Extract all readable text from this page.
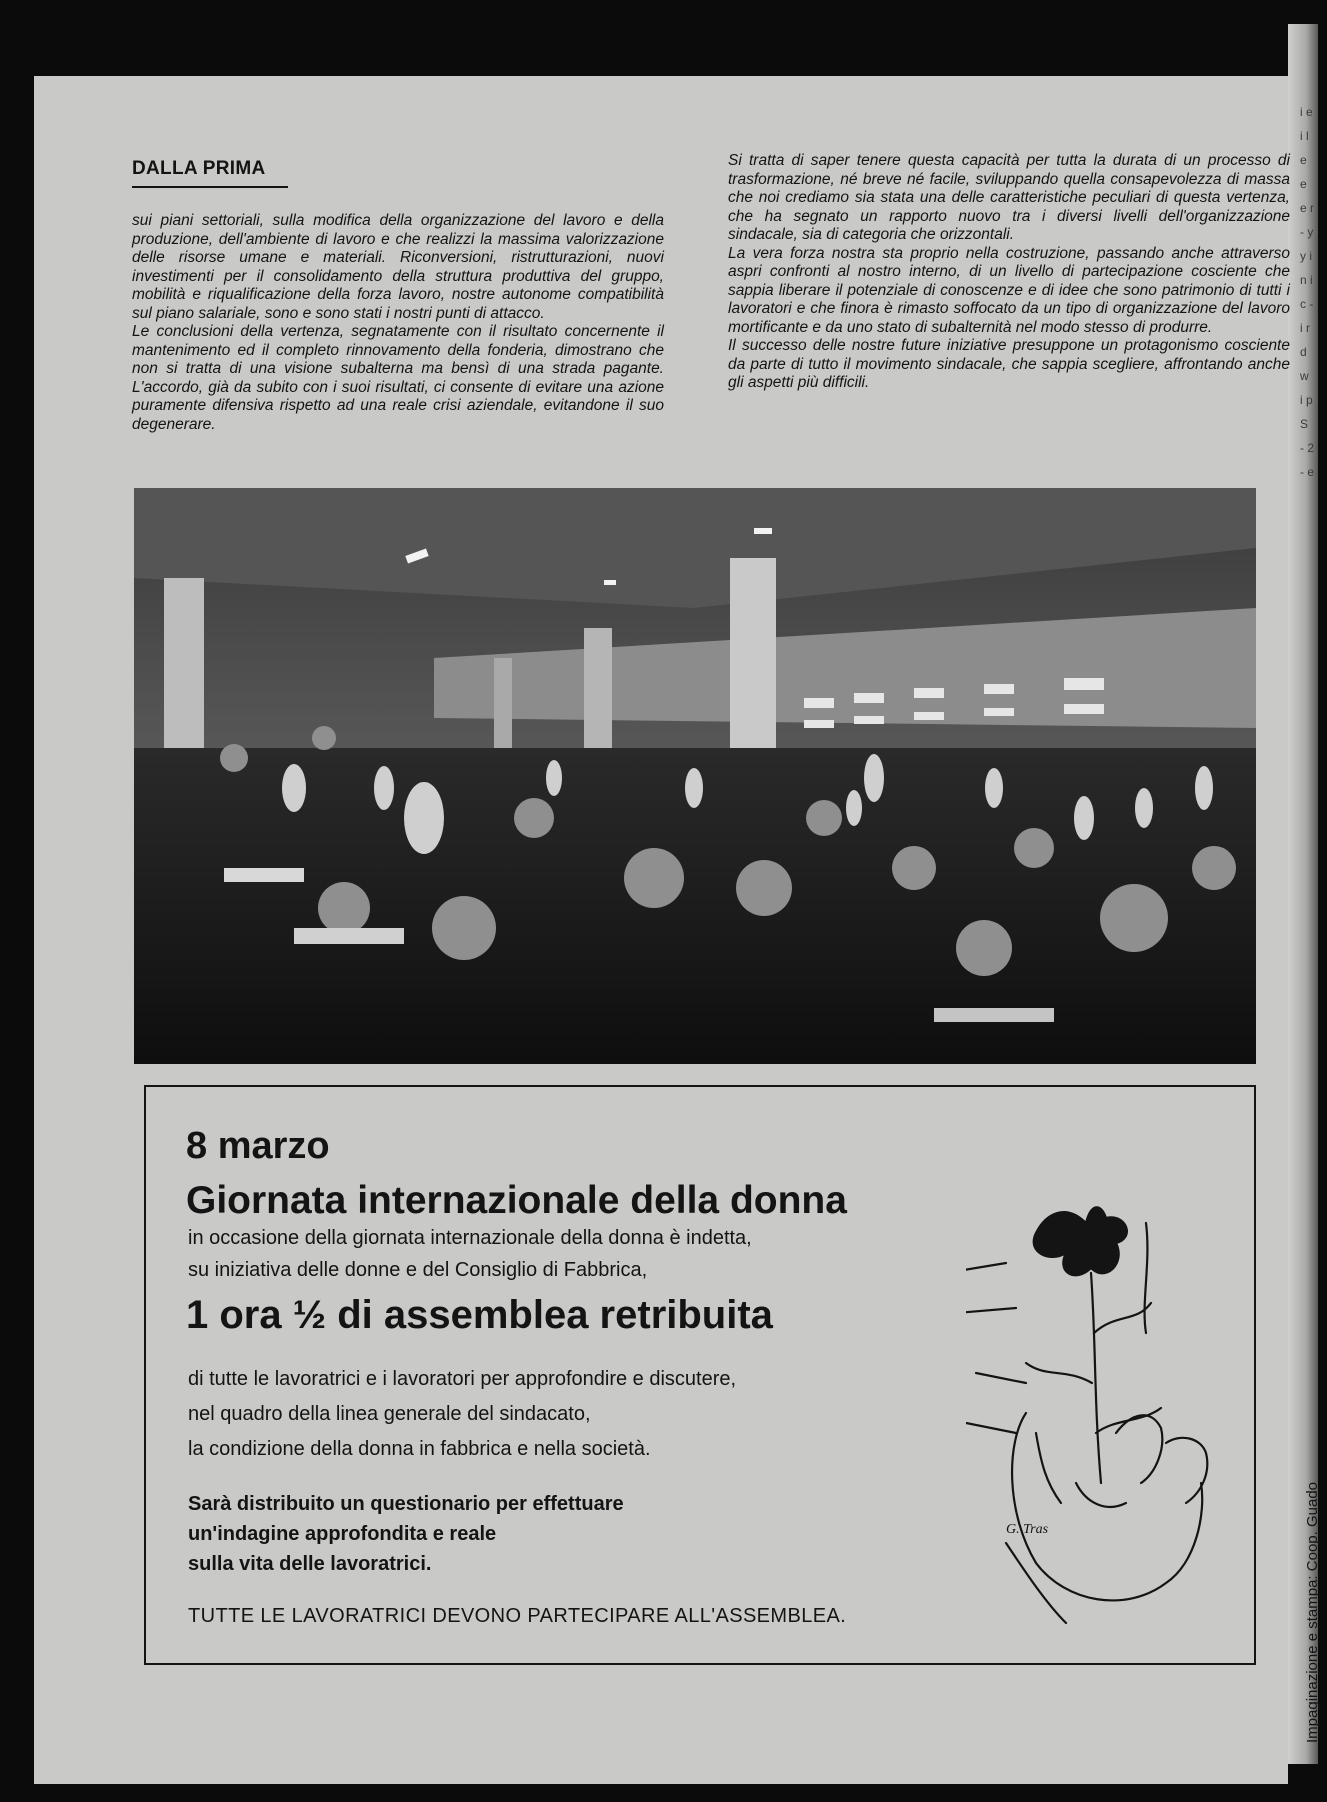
i e i l e e e r - y y i n i c - i r d w i p S - 2 - e
DALLA PRIMA

sui piani settoriali, sulla modifica della organizzazione del lavoro e della produzione, dell'ambiente di lavoro e che realizzi la massima valorizzazione delle risorse umane e materiali. Riconversioni, ristrutturazioni, nuovi investimenti per il consolidamento della struttura produttiva del gruppo, mobilità e riqualificazione della forza lavoro, nostre autonome compatibilità sul piano salariale, sono e sono stati i nostri punti di attacco.

Le conclusioni della vertenza, segnatamente con il risultato concernente il mantenimento ed il completo rinnovamento della fonderia, dimostrano che non si tratta di una visione subalterna ma bensì di una strada pagante. L'accordo, già da subito con i suoi risultati, ci consente di evitare una azione puramente difensiva rispetto ad una reale crisi aziendale, evitandone il suo degenerare.

Si tratta di saper tenere questa capacità per tutta la durata di un processo di trasformazione, né breve né facile, sviluppando quella consapevolezza di massa che noi crediamo sia stata una delle caratteristiche peculiari di questa vertenza, che ha segnato un rapporto nuovo tra i diversi livelli dell'organizzazione sindacale, sia di categoria che orizzontali.

La vera forza nostra sta proprio nella costruzione, passando anche attraverso aspri confronti al nostro interno, di un livello di partecipazione cosciente che sappia liberare il potenziale di conoscenze e di idee che sono patrimonio di tutti i lavoratori e che finora è rimasto soffocato da un tipo di organizzazione del lavoro mortificante e da uno stato di subalternità nel modo stesso di produrre.

Il successo delle nostre future iniziative presuppone un protagonismo cosciente da parte di tutto il movimento sindacale, che sappia scegliere, affrontando anche gli aspetti più difficili.

8 marzo
Giornata internazionale della donna
in occasione della giornata internazionale della donna è indetta,
su iniziativa delle donne e del Consiglio di Fabbrica,
1 ora ½ di assemblea retribuita
di tutte le lavoratrici e i lavoratori per approfondire e discutere,
nel quadro della linea generale del sindacato,
la condizione della donna in fabbrica e nella società.
Sarà distribuito un questionario per effettuare
un'indagine approfondita e reale
sulla vita delle lavoratrici.
TUTTE LE LAVORATRICI DEVONO PARTECIPARE ALL'ASSEMBLEA.
G. Tras	Impaginazione e stampa: Coop. Guado
